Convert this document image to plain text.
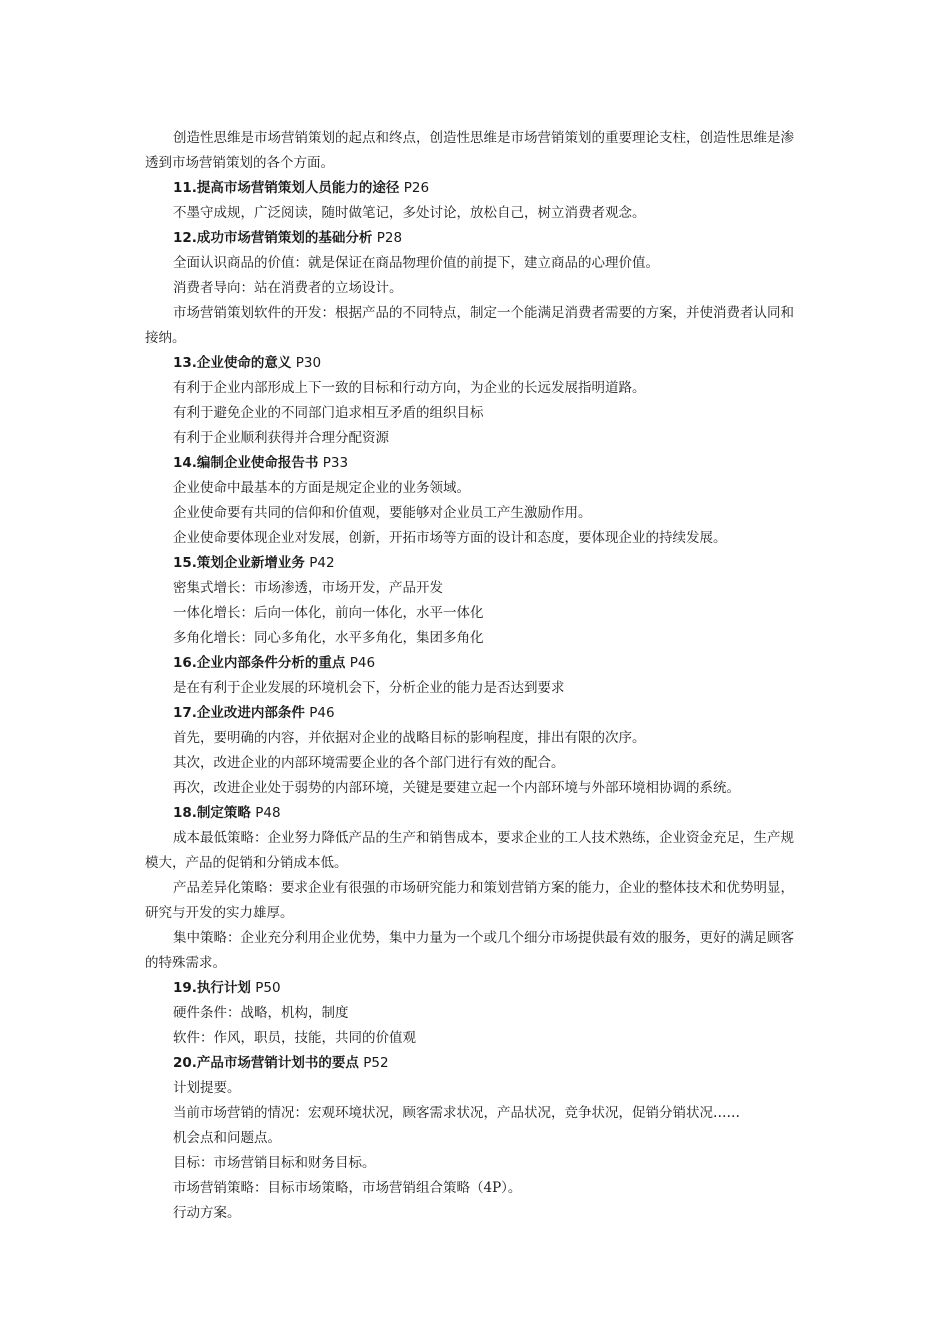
创造性思维是市场营销策划的起点和终点，创造性思维是市场营销策划的重要理论支柱，创造性思维是渗透到市场营销策划的各个方面。

11.提高市场营销策划人员能力的途径 P26

不墨守成规，广泛阅读，随时做笔记，多处讨论，放松自己，树立消费者观念。

12.成功市场营销策划的基础分析 P28

全面认识商品的价值：就是保证在商品物理价值的前提下，建立商品的心理价值。

消费者导向：站在消费者的立场设计。

市场营销策划软件的开发：根据产品的不同特点，制定一个能满足消费者需要的方案，并使消费者认同和接纳。

13.企业使命的意义 P30

有利于企业内部形成上下一致的目标和行动方向，为企业的长远发展指明道路。

有利于避免企业的不同部门追求相互矛盾的组织目标

有利于企业顺利获得并合理分配资源

14.编制企业使命报告书 P33

企业使命中最基本的方面是规定企业的业务领域。

企业使命要有共同的信仰和价值观，要能够对企业员工产生激励作用。

企业使命要体现企业对发展，创新，开拓市场等方面的设计和态度，要体现企业的持续发展。

15.策划企业新增业务 P42

密集式增长：市场渗透，市场开发，产品开发

一体化增长：后向一体化，前向一体化，水平一体化

多角化增长：同心多角化，水平多角化，集团多角化

16.企业内部条件分析的重点 P46

是在有利于企业发展的环境机会下，分析企业的能力是否达到要求

17.企业改进内部条件 P46

首先，要明确的内容，并依据对企业的战略目标的影响程度，排出有限的次序。

其次，改进企业的内部环境需要企业的各个部门进行有效的配合。

再次，改进企业处于弱势的内部环境，关键是要建立起一个内部环境与外部环境相协调的系统。

18.制定策略 P48

成本最低策略：企业努力降低产品的生产和销售成本，要求企业的工人技术熟练，企业资金充足，生产规模大，产品的促销和分销成本低。

产品差异化策略：要求企业有很强的市场研究能力和策划营销方案的能力，企业的整体技术和优势明显，研究与开发的实力雄厚。

集中策略：企业充分利用企业优势，集中力量为一个或几个细分市场提供最有效的服务，更好的满足顾客的特殊需求。

19.执行计划 P50

硬件条件：战略，机构，制度

软件：作风，职员，技能，共同的价值观

20.产品市场营销计划书的要点 P52

计划提要。

当前市场营销的情况：宏观环境状况，顾客需求状况，产品状况，竞争状况，促销分销状况……

机会点和问题点。

目标：市场营销目标和财务目标。

市场营销策略：目标市场策略，市场营销组合策略（4P）。

行动方案。
